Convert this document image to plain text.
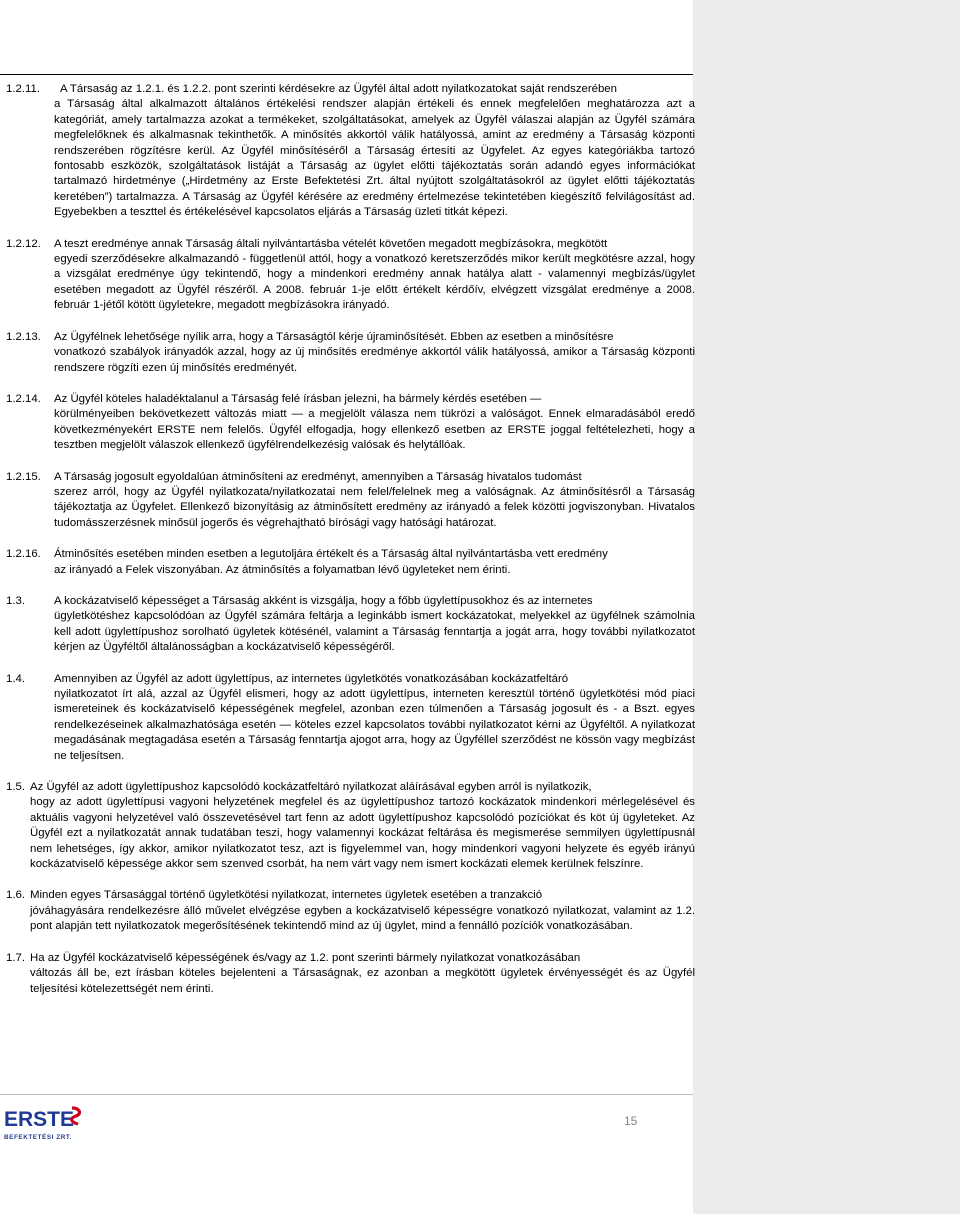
1.2.11. A Társaság az 1.2.1. és 1.2.2. pont szerinti kérdésekre az Ügyfél által adott nyilatkozatokat saját rendszerében
a Társaság által alkalmazott általános értékelési rendszer alapján értékeli és ennek megfelelően meghatározza azt a kategóriát, amely tartalmazza azokat a termékeket, szolgáltatásokat, amelyek az Ügyfél válaszai alapján az Ügyfél számára megfelelőknek és alkalmasnak tekinthetők. A minősítés akkortól válik hatályossá, amint az eredmény a Társaság központi rendszerében rögzítésre kerül. Az Ügyfél minősítéséről a Társaság értesíti az Ügyfelet. Az egyes kategóriákba tartozó fontosabb eszközök, szolgáltatások listáját a Társaság az ügylet előtti tájékoztatás során adandó egyes információkat tartalmazó hirdetménye („Hirdetmény az Erste Befektetési Zrt. által nyújtott szolgáltatásokról az ügylet előtti tájékoztatás keretében”) tartalmazza. A Társaság az Ügyfél kérésére az eredmény értelmezése tekintetében kiegészítő felvilágosítást ad. Egyebekben a teszttel és értékelésével kapcsolatos eljárás a Társaság üzleti titkát képezi.
1.2.12. A teszt eredménye annak Társaság általi nyilvántartásba vételét követően megadott megbízásokra, megkötött
egyedi szerződésekre alkalmazandó - függetlenül attól, hogy a vonatkozó keretszerződés mikor került megkötésre azzal, hogy a vizsgálat eredménye úgy tekintendő, hogy a mindenkori eredmény annak hatálya alatt - valamennyi megbízás/ügylet esetében megadott az Ügyfél részéről. A 2008. február 1-je előtt értékelt kérdőív, elvégzett vizsgálat eredménye a 2008. február 1-jétől kötött ügyletekre, megadott megbízásokra irányadó.
1.2.13. Az Ügyfélnek lehetősége nyílik arra, hogy a Társaságtól kérje újraminősítését. Ebben az esetben a minősítésre
vonatkozó szabályok irányadók azzal, hogy az új minősítés eredménye akkortól válik hatályossá, amikor a Társaság központi rendszere rögzíti ezen új minősítés eredményét.
1.2.14. Az Ügyfél köteles haladéktalanul a Társaság felé írásban jelezni, ha bármely kérdés esetében —
körülményeiben bekövetkezett változás miatt — a megjelölt válasza nem tükrözi a valóságot. Ennek elmaradásából eredő következményekért ERSTE nem felelős. Ügyfél elfogadja, hogy ellenkező esetben az ERSTE joggal feltételezheti, hogy a tesztben megjelölt válaszok ellenkező ügyfélrendelkezésig valósak és helytállóak.
1.2.15. A Társaság jogosult egyoldalúan átminősíteni az eredményt, amennyiben a Társaság hivatalos tudomást
szerez arról, hogy az Ügyfél nyilatkozata/nyilatkozatai nem felel/felelnek meg a valóságnak. Az átminősítésről a Társaság tájékoztatja az Ügyfelet. Ellenkező bizonyításig az átminősített eredmény az irányadó a felek közötti jogviszonyban. Hivatalos tudomásszerzésnek minősül jogerős és végrehajtható bírósági vagy hatósági határozat.
1.2.16. Átminősítés esetében minden esetben a legutoljára értékelt és a Társaság által nyilvántartásba vett eredmény
az irányadó a Felek viszonyában. Az átminősítés a folyamatban lévő ügyleteket nem érinti.
1.3.	A kockázatviselő képességet a Társaság akként is vizsgálja, hogy a főbb ügylettípusokhoz és az internetes
ügyletkötéshez kapcsolódóan az Ügyfél számára feltárja a leginkább ismert kockázatokat, melyekkel az ügyfélnek számolnia kell adott ügylettípushoz sorolható ügyletek kötésénél, valamint a Társaság fenntartja a jogát arra, hogy további nyilatkozatot kérjen az Ügyféltől általánosságban a kockázatviselő képességéről.
1.4.	Amennyiben az Ügyfél az adott ügylettípus, az internetes ügyletkötés vonatkozásában kockázatfeltáró
nyilatkozatot írt alá, azzal az Ügyfél elismeri, hogy az adott ügylettípus, interneten keresztül történő ügyletkötési mód piaci ismereteinek és kockázatviselő képességének megfelel, azonban ezen túlmenően a Társaság jogosult és - a Bszt. egyes rendelkezéseinek alkalmazhatósága esetén — köteles ezzel kapcsolatos további nyilatkozatot kérni az Ügyféltől. A nyilatkozat megadásának megtagadása esetén a Társaság fenntartja ajogot arra, hogy az Ügyféllel szerződést ne kössön vagy megbízást ne teljesítsen.
1.5. Az Ügyfél az adott ügylettípushoz kapcsolódó kockázatfeltáró nyilatkozat aláírásával egyben arról is nyilatkozik,
hogy az adott ügylettípusi vagyoni helyzetének megfelel és az ügylettípushoz tartozó kockázatok mindenkori mérlegelésével és aktuális vagyoni helyzetével való összevetésével tart fenn az adott ügylettípushoz kapcsolódó pozíciókat és köt új ügyleteket. Az Ügyfél ezt a nyilatkozatát annak tudatában teszi, hogy valamennyi kockázat feltárása és megismerése semmilyen ügylettípusnál nem lehetséges, így akkor, amikor nyilatkozatot tesz, azt is figyelemmel van, hogy mindenkori vagyoni helyzete és egyéb irányú kockázatviselő képessége akkor sem szenved csorbát, ha nem várt vagy nem ismert kockázati elemek kerülnek felszínre.
1.6. Minden egyes Társasággal történő ügyletkötési nyilatkozat, internetes ügyletek esetében a tranzakció
jóváhagyására rendelkezésre álló művelet elvégzése egyben a kockázatviselő képességre vonatkozó nyilatkozat, valamint az 1.2. pont alapján tett nyilatkozatok megerősítésének tekintendő mind az új ügylet, mind a fennálló pozíciók vonatkozásában.
1.7. Ha az Ügyfél kockázatviselő képességének és/vagy az 1.2. pont szerinti bármely nyilatkozat vonatkozásában
változás áll be, ezt írásban köteles bejelenteni a Társaságnak, ez azonban a megkötött ügyletek érvényességét és az Ügyfél teljesítési kötelezettségét nem érinti.
ERSTE
BEFEKTETÉSI ZRT.
15
